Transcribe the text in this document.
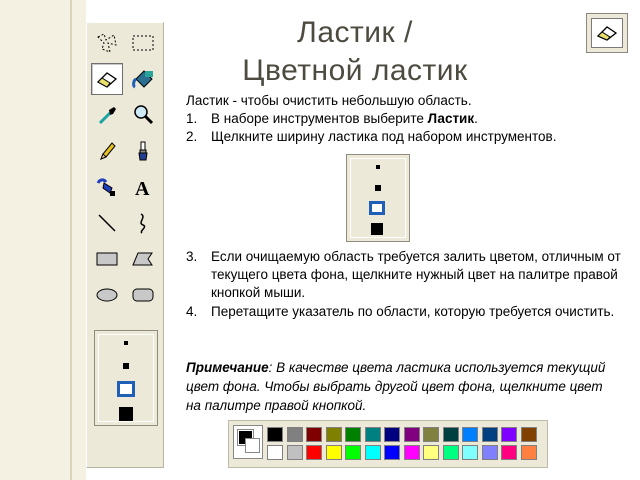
A
Ластик /
Цветной ластик
Ластик - чтобы очистить небольшую область.
1. В наборе инструментов выберите Ластик.
2. Щелкните ширину ластика под набором инструментов.
3. Если очищаемую область требуется залить цветом, отличным от текущего цвета фона, щелкните нужный цвет на палитре правой кнопкой мыши.
4. Перетащите указатель по области, которую требуется очистить.
Примечание: В качестве цвета ластика используется текущий цвет фона. Чтобы выбрать другой цвет фона, щелкните цвет на палитре правой кнопкой.
